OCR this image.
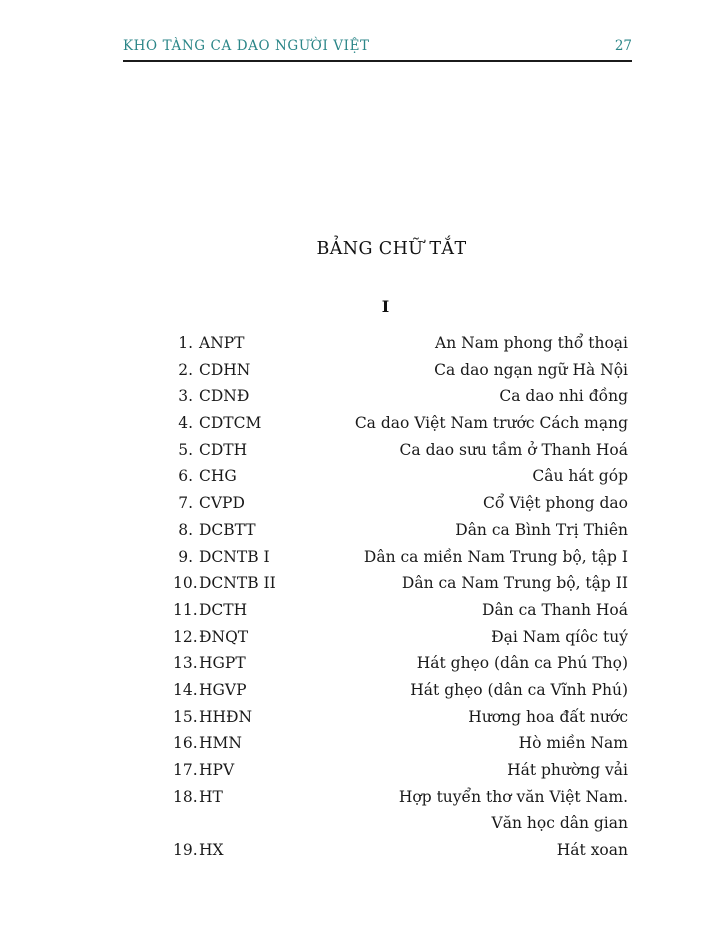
KHO TÀNG CA DAO NGƯỜI VIỆT	27
BẢNG CHỮ TẮT
I
1. ANPT	An Nam phong thổ thoại
2. CDHN	Ca dao ngạn ngữ Hà Nội
3. CDNĐ	Ca dao nhi đồng
4. CDTCM	Ca dao Việt Nam trước Cách mạng
5. CDTH	Ca dao sưu tầm ở Thanh Hoá
6. CHG	Câu hát góp
7. CVPD	Cổ Việt phong dao
8. DCBTT	Dân ca Bình Trị Thiên
9. DCNTB I	Dân ca miền Nam Trung bộ, tập I
10. DCNTB II	Dân ca Nam Trung bộ, tập II
11. DCTH	Dân ca Thanh Hoá
12. ĐNQT	Đại Nam qíôc tuý
13. HGPT	Hát ghẹo (dân ca Phú Thọ)
14. HGVP	Hát ghẹo (dân ca Vĩnh Phú)
15. HHĐN	Hương hoa đất nước
16. HMN	Hò miền Nam
17. HPV	Hát phường vải
18. HT	Hợp tuyển thơ văn Việt Nam.
Văn học dân gian
19. HX	Hát xoan
